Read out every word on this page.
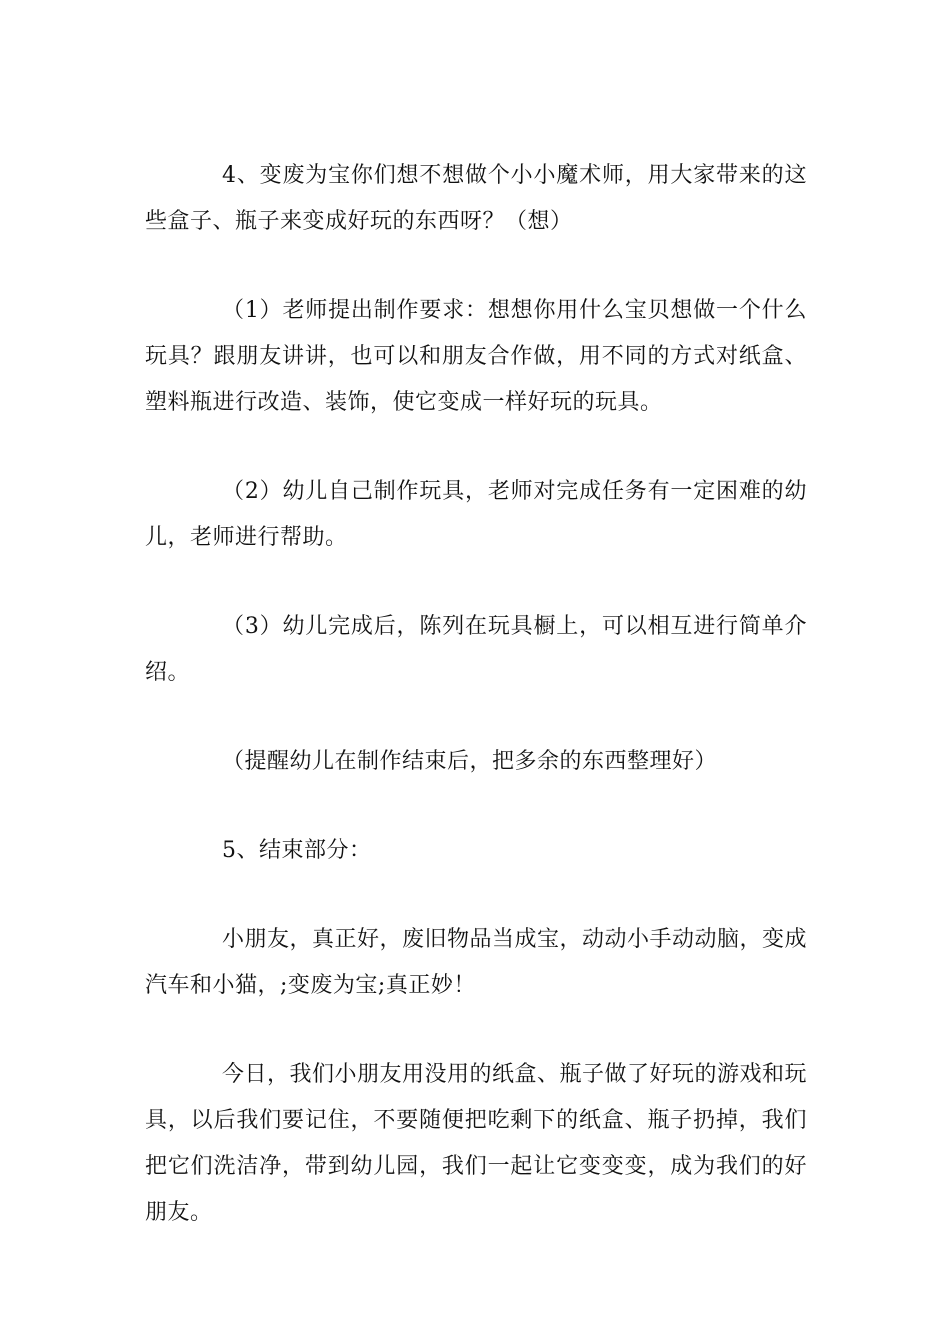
4、变废为宝你们想不想做个小小魔术师，用大家带来的这些盒子、瓶子来变成好玩的东西呀？（想）

（1）老师提出制作要求：想想你用什么宝贝想做一个什么玩具？跟朋友讲讲，也可以和朋友合作做，用不同的方式对纸盒、塑料瓶进行改造、装饰，使它变成一样好玩的玩具。

（2）幼儿自己制作玩具，老师对完成任务有一定困难的幼儿，老师进行帮助。

（3）幼儿完成后，陈列在玩具橱上，可以相互进行简单介绍。

（提醒幼儿在制作结束后，把多余的东西整理好）

5、结束部分：

小朋友，真正好，废旧物品当成宝，动动小手动动脑，变成汽车和小猫，;变废为宝;真正妙！

今日，我们小朋友用没用的纸盒、瓶子做了好玩的游戏和玩具，以后我们要记住，不要随便把吃剩下的纸盒、瓶子扔掉，我们把它们洗洁净，带到幼儿园，我们一起让它变变变，成为我们的好朋友。
